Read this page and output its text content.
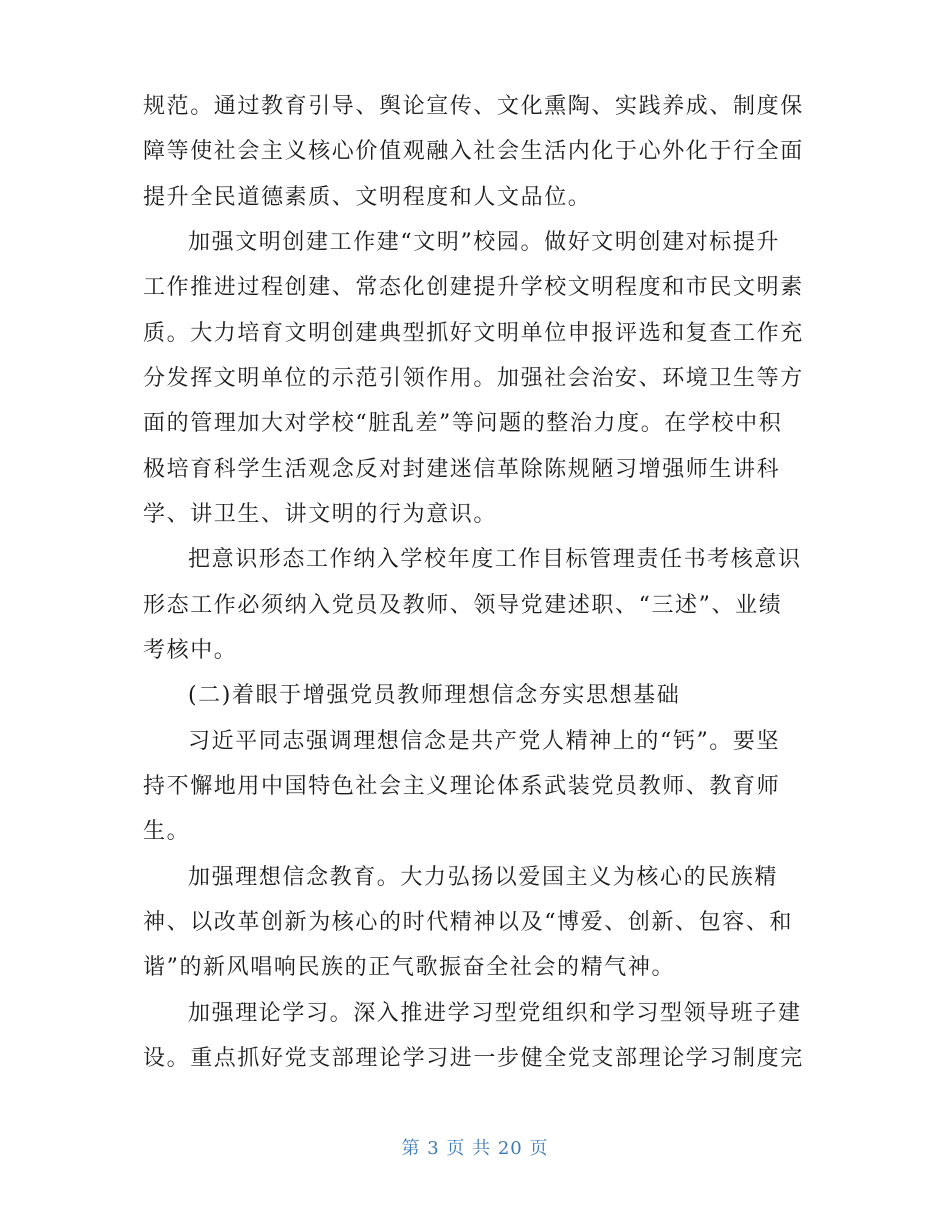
规范。通过教育引导、舆论宣传、文化熏陶、实践养成、制度保
障等使社会主义核心价值观融入社会生活内化于心外化于行全面
提升全民道德素质、文明程度和人文品位。
加强文明创建工作建“文明”校园。做好文明创建对标提升
工作推进过程创建、常态化创建提升学校文明程度和市民文明素
质。大力培育文明创建典型抓好文明单位申报评选和复查工作充
分发挥文明单位的示范引领作用。加强社会治安、环境卫生等方
面的管理加大对学校“脏乱差”等问题的整治力度。在学校中积
极培育科学生活观念反对封建迷信革除陈规陋习增强师生讲科
学、讲卫生、讲文明的行为意识。
把意识形态工作纳入学校年度工作目标管理责任书考核意识
形态工作必须纳入党员及教师、领导党建述职、“三述”、业绩
考核中。
(二)着眼于增强党员教师理想信念夯实思想基础
习近平同志强调理想信念是共产党人精神上的“钙”。要坚
持不懈地用中国特色社会主义理论体系武装党员教师、教育师
生。
加强理想信念教育。大力弘扬以爱国主义为核心的民族精
神、以改革创新为核心的时代精神以及“博爱、创新、包容、和
谐”的新风唱响民族的正气歌振奋全社会的精气神。
加强理论学习。深入推进学习型党组织和学习型领导班子建
设。重点抓好党支部理论学习进一步健全党支部理论学习制度完
第 3 页 共 20 页
